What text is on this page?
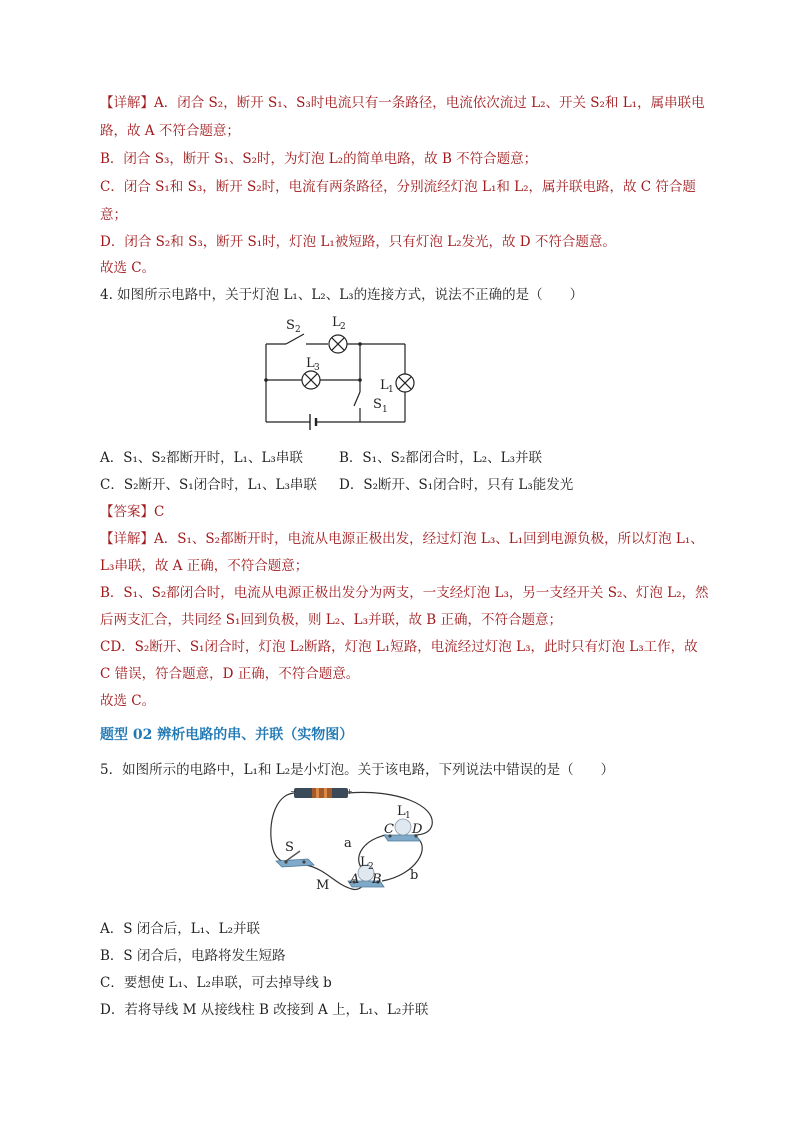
【详解】A．闭合 S₂，断开 S₁、S₃时电流只有一条路径，电流依次流过 L₂、开关 S₂和 L₁，属串联电
路，故 A 不符合题意；
B．闭合 S₃，断开 S₁、S₂时，为灯泡 L₂的简单电路，故 B 不符合题意；
C．闭合 S₁和 S₃，断开 S₂时，电流有两条路径，分别流经灯泡 L₁和 L₂，属并联电路，故 C 符合题
意；
D．闭合 S₂和 S₃，断开 S₁时，灯泡 L₁被短路，只有灯泡 L₂发光，故 D 不符合题意。
故选 C。
4. 如图所示电路中，关于灯泡 L₁、L₂、L₃的连接方式，说法不正确的是（　　）
S 2 L 2
L 3
L 1
S 1
A．S₁、S₂都断开时，L₁、L₃串联	B．S₁、S₂都闭合时，L₂、L₃并联
C．S₂断开、S₁闭合时，L₁、L₃串联 D．S₂断开、S₁闭合时，只有 L₃能发光
【答案】C
【详解】A．S₁、S₂都断开时，电流从电源正极出发，经过灯泡 L₃、L₁回到电源负极，所以灯泡 L₁、
L₃串联，故 A 正确，不符合题意；
B．S₁、S₂都闭合时，电流从电源正极出发分为两支，一支经灯泡 L₃，另一支经开关 S₂、灯泡 L₂，然
后两支汇合，共同经 S₁回到负极，则 L₂、L₃并联，故 B 正确，不符合题意；
CD．S₂断开、S₁闭合时，灯泡 L₂断路，灯泡 L₁短路，电流经过灯泡 L₃，此时只有灯泡 L₃工作，故
C 错误，符合题意，D 正确，不符合题意。
故选 C。
题型 02 辨析电路的串、并联（实物图）
5．如图所示的电路中，L₁和 L₂是小灯泡。关于该电路，下列说法中错误的是（　　）
−	+
S
L 1
C D
a
L 2
A B b
M
A．S 闭合后，L₁、L₂并联
B．S 闭合后，电路将发生短路
C．要想使 L₁、L₂串联，可去掉导线 b
D．若将导线 M 从接线柱 B 改接到 A 上，L₁、L₂并联
